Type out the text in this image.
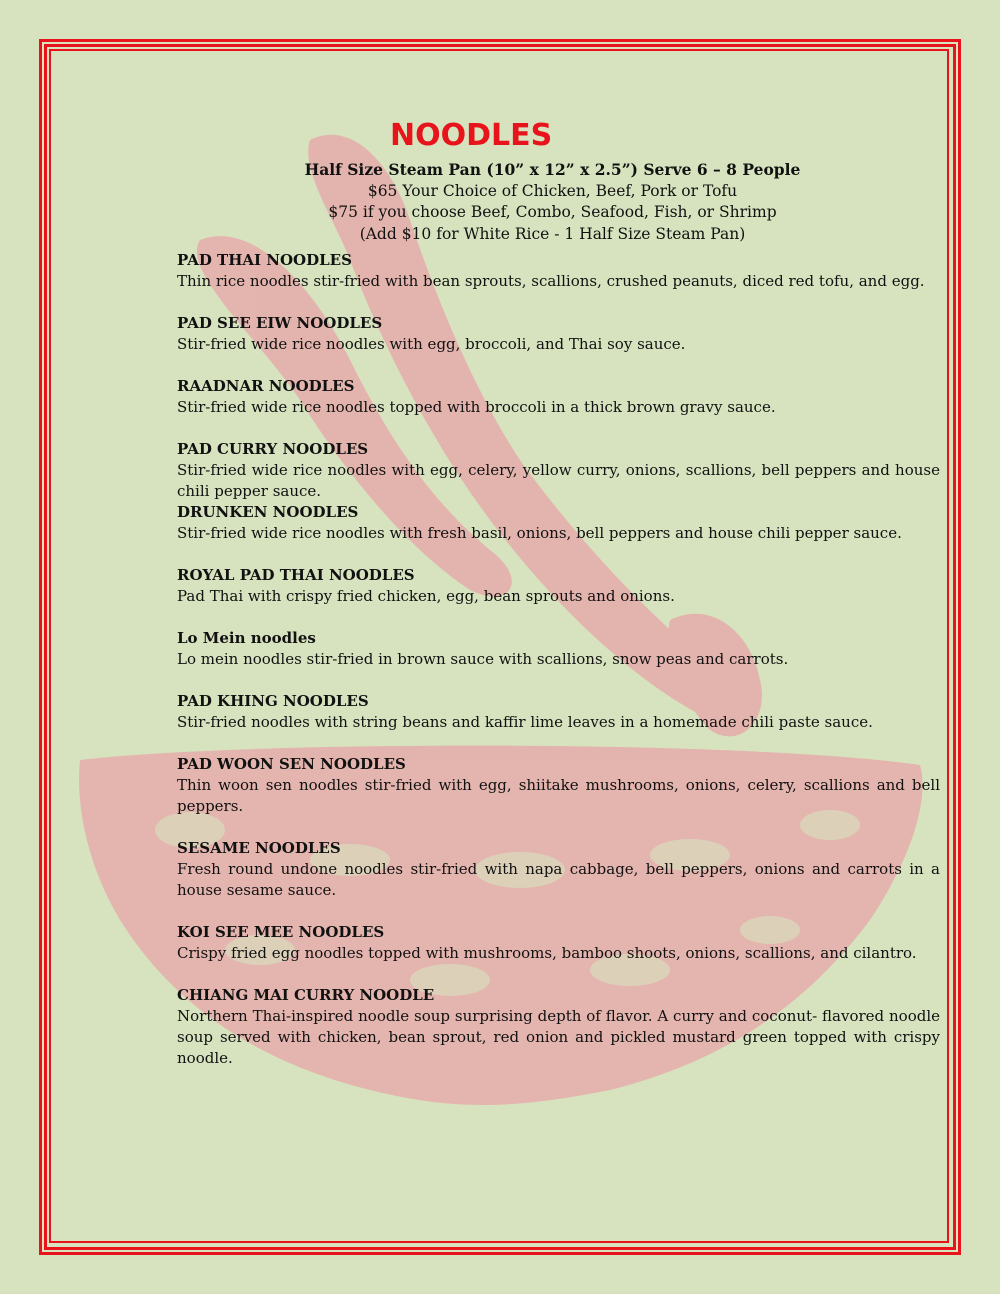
NOODLES
Half Size Steam Pan (10” x 12” x 2.5”) Serve 6 – 8 People
$65 Your Choice of Chicken, Beef, Pork or Tofu
$75 if you choose Beef, Combo, Seafood, Fish, or Shrimp
(Add $10 for White Rice - 1 Half Size Steam Pan)
PAD THAI NOODLES
Thin rice noodles stir-fried with bean sprouts, scallions, crushed peanuts, diced red tofu, and egg.
PAD SEE EIW NOODLES
Stir-fried wide rice noodles with egg, broccoli, and Thai soy sauce.
RAADNAR NOODLES
Stir-fried wide rice noodles topped with broccoli in a thick brown gravy sauce.
PAD CURRY NOODLES
Stir-fried wide rice noodles with egg, celery, yellow curry, onions, scallions, bell peppers and house chili pepper sauce.
DRUNKEN NOODLES
Stir-fried wide rice noodles with fresh basil, onions, bell peppers and house chili pepper sauce.
ROYAL PAD THAI NOODLES
Pad Thai with crispy fried chicken, egg, bean sprouts and onions.
Lo Mein noodles
Lo mein noodles stir-fried in brown sauce with scallions, snow peas and carrots.
PAD KHING NOODLES
Stir-fried noodles with string beans and kaffir lime leaves in a homemade chili paste sauce.
PAD WOON SEN NOODLES
Thin woon sen noodles stir-fried with egg, shiitake mushrooms, onions, celery, scallions and bell peppers.
SESAME NOODLES
Fresh round undone noodles stir-fried with napa cabbage, bell peppers, onions and carrots in a house sesame sauce.
KOI SEE MEE NOODLES
Crispy fried egg noodles topped with mushrooms, bamboo shoots, onions, scallions, and cilantro.
CHIANG MAI CURRY NOODLE
Northern Thai-inspired noodle soup surprising depth of flavor. A curry and coconut- flavored noodle soup served with chicken, bean sprout, red onion and pickled mustard green topped with crispy noodle.
